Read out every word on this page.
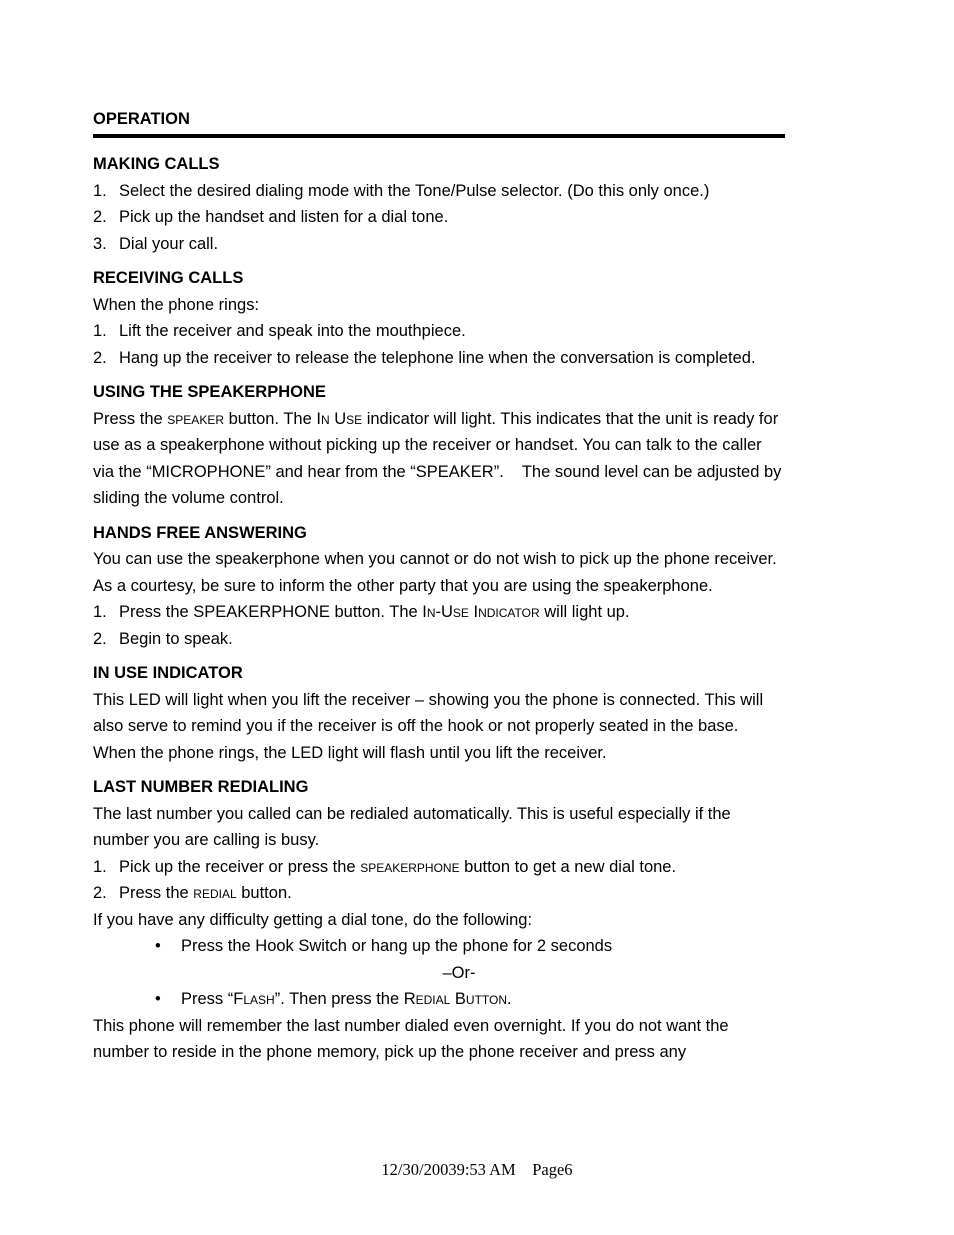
OPERATION
MAKING CALLS
1. Select the desired dialing mode with the Tone/Pulse selector. (Do this only once.)
2. Pick up the handset and listen for a dial tone.
3. Dial your call.
RECEIVING CALLS

When the phone rings:

1. Lift the receiver and speak into the mouthpiece.
2. Hang up the receiver to release the telephone line when the conversation is completed.
USING THE SPEAKERPHONE

Press the speaker button. The In Use indicator will light. This indicates that the unit is ready for use as a speakerphone without picking up the receiver or handset. You can talk to the caller via the “MICROPHONE” and hear from the “SPEAKER”.    The sound level can be adjusted by sliding the volume control.

HANDS FREE ANSWERING

You can use the speakerphone when you cannot or do not wish to pick up the phone receiver. As a courtesy, be sure to inform the other party that you are using the speakerphone.

1. Press the SPEAKERPHONE button. The In-Use Indicator will light up.
2. Begin to speak.
IN USE INDICATOR

This LED will light when you lift the receiver – showing you the phone is connected. This will also serve to remind you if the receiver is off the hook or not properly seated in the base.

When the phone rings, the LED light will flash until you lift the receiver.

LAST NUMBER REDIALING

The last number you called can be redialed automatically. This is useful especially if the number you are calling is busy.

1. Pick up the receiver or press the speakerphone button to get a new dial tone.
2. Press the redial button.

If you have any difficulty getting a dial tone, do the following:

•	Press the Hook Switch or hang up the phone for 2 seconds

–Or-

•	Press “Flash”. Then press the Redial Button.

This phone will remember the last number dialed even overnight. If you do not want the number to reside in the phone memory, pick up the phone receiver and press any

12/30/20039:53 AM Page6
